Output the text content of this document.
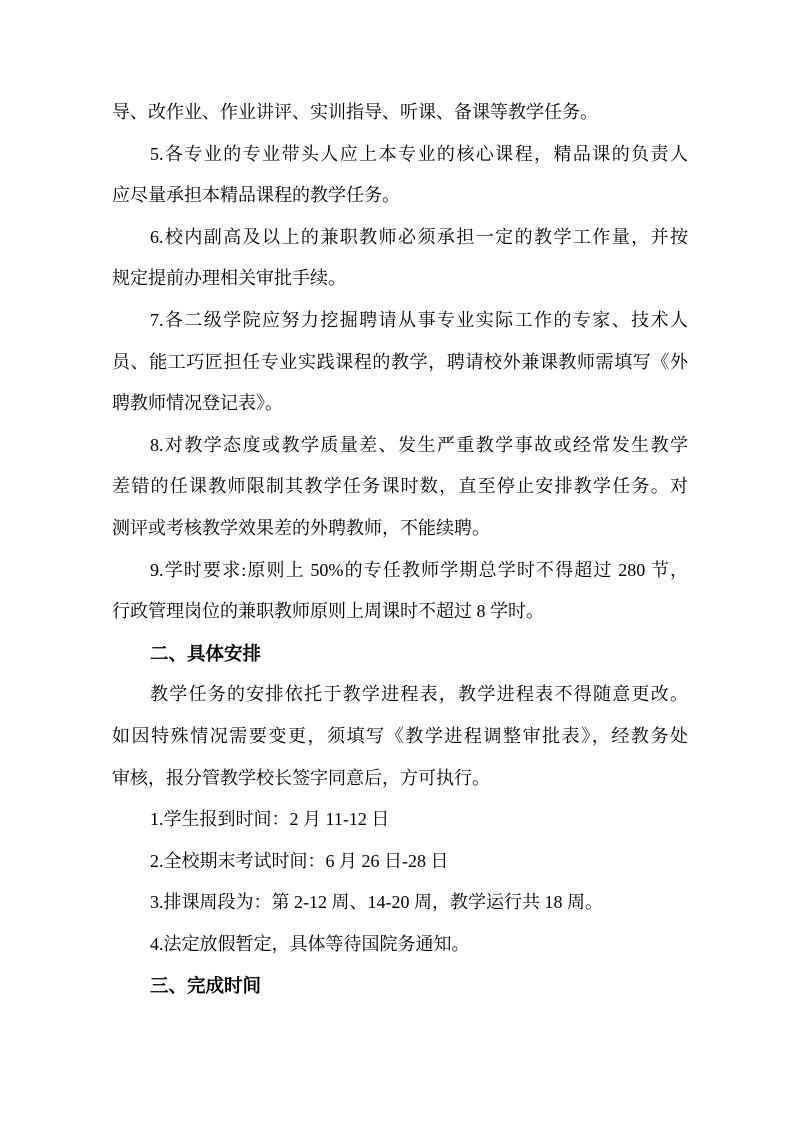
导、改作业、作业讲评、实训指导、听课、备课等教学任务。
5.各专业的专业带头人应上本专业的核心课程，精品课的负责人
应尽量承担本精品课程的教学任务。
6.校内副高及以上的兼职教师必须承担一定的教学工作量，并按
规定提前办理相关审批手续。
7.各二级学院应努力挖掘聘请从事专业实际工作的专家、技术人
员、能工巧匠担任专业实践课程的教学，聘请校外兼课教师需填写《外
聘教师情况登记表》。
8.对教学态度或教学质量差、发生严重教学事故或经常发生教学
差错的任课教师限制其教学任务课时数，直至停止安排教学任务。对
测评或考核教学效果差的外聘教师，不能续聘。
9.学时要求:原则上 50%的专任教师学期总学时不得超过 280 节，
行政管理岗位的兼职教师原则上周课时不超过 8 学时。
二、具体安排
教学任务的安排依托于教学进程表，教学进程表不得随意更改。
如因特殊情况需要变更，须填写《教学进程调整审批表》，经教务处
审核，报分管教学校长签字同意后，方可执行。
1.学生报到时间：2 月 11-12 日
2.全校期末考试时间：6 月 26 日-28 日
3.排课周段为：第 2-12 周、14-20 周，教学运行共 18 周。
4.法定放假暂定，具体等待国院务通知。
三、完成时间
